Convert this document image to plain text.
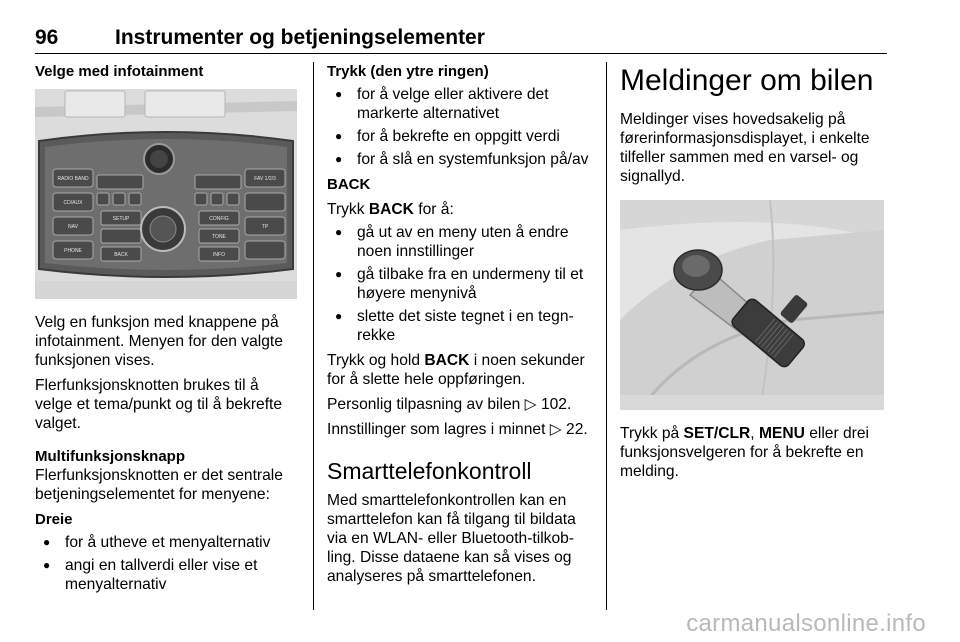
96	Instrumenter og betjeningselementer

Velge med infotainment

RADIO BAND
CD/AUX
NAV
PHONE
FAV 1/2/3
TP
SETUP
BACK
TONE
CONFIG
INFO

Velg en funksjon med knappene på infotainment. Menyen for den valgte funksjonen vises.

Flerfunksjonsknotten brukes til å velge et tema/punkt og til å bekrefte valget.

Multifunksjonsknapp

Flerfunksjonsknotten er det sentrale betjeningselementet for menyene:

Dreie

● for å utheve et menyalternativ
● angi en tallverdi eller vise et menyalternativ

Trykk (den ytre ringen)

● for å velge eller aktivere det markerte alternativet
● for å bekrefte en oppgitt verdi
● for å slå en systemfunksjon på/av

BACK

Trykk BACK for å:

● gå ut av en meny uten å endre noen innstillinger
● gå tilbake fra en undermeny til et høyere menynivå
● slette det siste tegnet i en tegn-rekke

Trykk og hold BACK i noen sekunder for å slette hele oppføringen.

Personlig tilpasning av bilen ▷ 102.

Innstillinger som lagres i minnet ▷ 22.

Smarttelefonkontroll

Med smarttelefonkontrollen kan en smarttelefon kan få tilgang til bildata via en WLAN- eller Bluetooth-tilkob-ling. Disse dataene kan så vises og analyseres på smarttelefonen.

Meldinger om bilen

Meldinger vises hovedsakelig på førerinformasjonsdisplayet, i enkelte tilfeller sammen med en varsel- og signallyd.

Trykk på SET/CLR, MENU eller drei funksjonsvelgeren for å bekrefte en melding.

carmanualsonline.info
